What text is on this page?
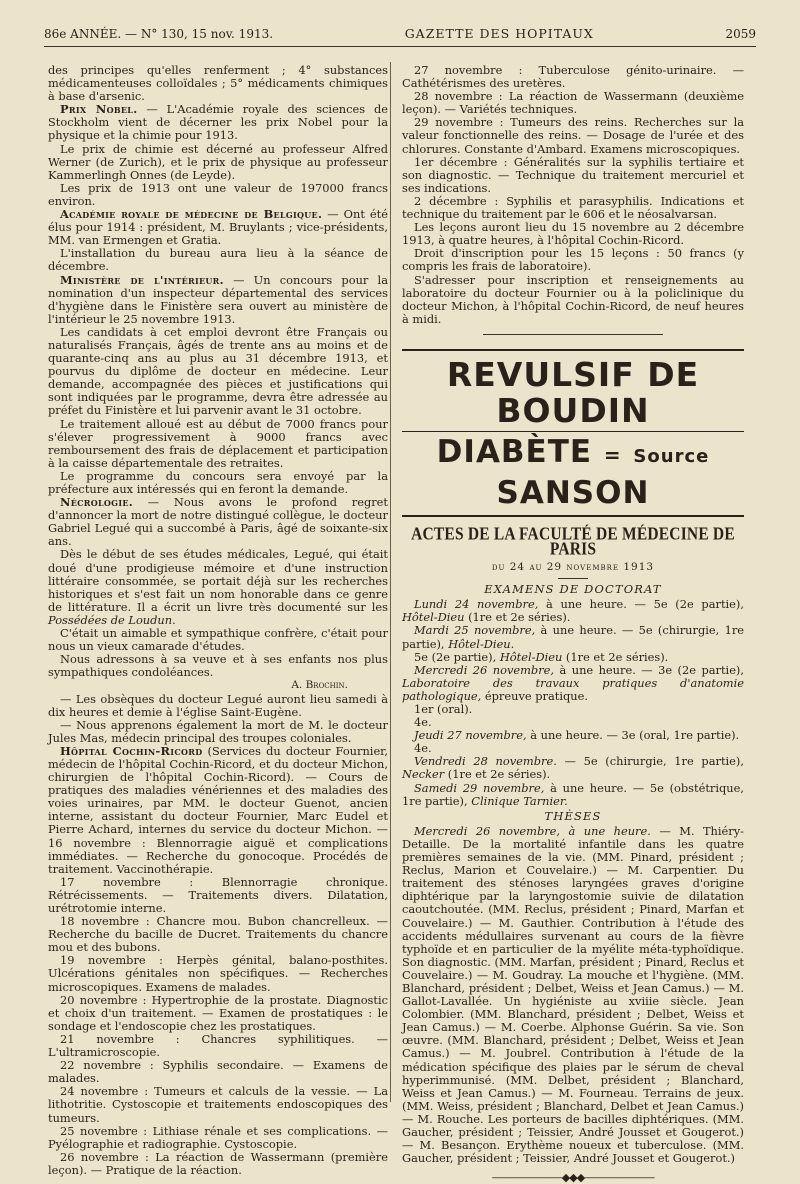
86e ANNÉE. — N° 130, 15 nov. 1913.	GAZETTE DES HOPITAUX	2059

des principes qu'elles renferment ; 4° substances médicamenteuses colloïdales ; 5° médicaments chimiques à base d'arsenic.

Prix Nobel. — L'Académie royale des sciences de Stockholm vient de décerner les prix Nobel pour la physique et la chimie pour 1913.

Le prix de chimie est décerné au professeur Alfred Werner (de Zurich), et le prix de physique au professeur Kammerlingh Onnes (de Leyde).

Les prix de 1913 ont une valeur de 197000 francs environ.

Académie royale de médecine de Belgique. — Ont été élus pour 1914 : président, M. Bruylants ; vice-présidents, MM. van Ermengen et Gratia.

L'installation du bureau aura lieu à la séance de décembre.

Ministère de l'intérieur. — Un concours pour la nomination d'un inspecteur départemental des services d'hygiène dans le Finistère sera ouvert au ministère de l'intérieur le 25 novembre 1913.

Les candidats à cet emploi devront être Français ou naturalisés Français, âgés de trente ans au moins et de quarante-cinq ans au plus au 31 décembre 1913, et pourvus du diplôme de docteur en médecine. Leur demande, accompagnée des pièces et justifications qui sont indiquées par le programme, devra être adressée au préfet du Finistère et lui parvenir avant le 31 octobre.

Le traitement alloué est au début de 7000 francs pour s'élever progressivement à 9000 francs avec remboursement des frais de déplacement et participation à la caisse départementale des retraites.

Le programme du concours sera envoyé par la préfecture aux intéressés qui en feront la demande.

Nécrologie. — Nous avons le profond regret d'annoncer la mort de notre distingué collègue, le docteur Gabriel Legué qui a succombé à Paris, âgé de soixante-six ans.

Dès le début de ses études médicales, Legué, qui était doué d'une prodigieuse mémoire et d'une instruction littéraire consommée, se portait déjà sur les recherches historiques et s'est fait un nom honorable dans ce genre de littérature. Il a écrit un livre très documenté sur les Possédées de Loudun.

C'était un aimable et sympathique confrère, c'était pour nous un vieux camarade d'études.

Nous adressons à sa veuve et à ses enfants nos plus sympathiques condoléances.

A. Brochin.

— Les obsèques du docteur Legué auront lieu samedi à dix heures et demie à l'église Saint-Eugène.

— Nous apprenons également la mort de M. le docteur Jules Mas, médecin principal des troupes coloniales.

Hôpital Cochin-Ricord (Services du docteur Fournier, médecin de l'hôpital Cochin-Ricord, et du docteur Michon, chirurgien de l'hôpital Cochin-Ricord). — Cours de pratiques des maladies vénériennes et des maladies des voies urinaires, par MM. le docteur Guenot, ancien interne, assistant du docteur Fournier, Marc Eudel et Pierre Achard, internes du service du docteur Michon. — 16 novembre : Blennorragie aiguë et complications immédiates. — Recherche du gonocoque. Procédés de traitement. Vaccinothérapie.

17 novembre : Blennorragie chronique. Rétrécissements. — Traitements divers. Dilatation, urétrotomie interne.

18 novembre : Chancre mou. Bubon chancrelleux. — Recherche du bacille de Ducret. Traitements du chancre mou et des bubons.

19 novembre : Herpès génital, balano-posthites. Ulcérations génitales non spécifiques. — Recherches microscopiques. Examens de malades.

20 novembre : Hypertrophie de la prostate. Diagnostic et choix d'un traitement. — Examen de prostatiques : le sondage et l'endoscopie chez les prostatiques.

21 novembre : Chancres syphilitiques. — L'ultramicroscopie.

22 novembre : Syphilis secondaire. — Examens de malades.

24 novembre : Tumeurs et calculs de la vessie. — La lithotritie. Cystoscopie et traitements endoscopiques des tumeurs.

25 novembre : Lithiase rénale et ses complications. — Pyélographie et radiographie. Cystoscopie.

26 novembre : La réaction de Wassermann (première leçon). — Pratique de la réaction.

27 novembre : Tuberculose génito-urinaire. — Cathétérismes des uretères.

28 novembre : La réaction de Wassermann (deuxième leçon). — Variétés techniques.

29 novembre : Tumeurs des reins. Recherches sur la valeur fonctionnelle des reins. — Dosage de l'urée et des chlorures. Constante d'Ambard. Examens microscopiques.

1er décembre : Généralités sur la syphilis tertiaire et son diagnostic. — Technique du traitement mercuriel et ses indications.

2 décembre : Syphilis et parasyphilis. Indications et technique du traitement par le 606 et le néosalvarsan.

Les leçons auront lieu du 15 novembre au 2 décembre 1913, à quatre heures, à l'hôpital Cochin-Ricord.

Droit d'inscription pour les 15 leçons : 50 francs (y compris les frais de laboratoire).

S'adresser pour inscription et renseignements au laboratoire du docteur Fournier ou à la policlinique du docteur Michon, à l'hôpital Cochin-Ricord, de neuf heures à midi.

REVULSIF DE BOUDIN
DIABÈTE = Source SANSON
ACTES DE LA FACULTÉ DE MÉDECINE DE PARIS
du 24 au 29 novembre 1913
EXAMENS DE DOCTORAT

Lundi 24 novembre, à une heure. — 5e (2e partie), Hôtel-Dieu (1re et 2e séries).

Mardi 25 novembre, à une heure. — 5e (chirurgie, 1re partie), Hôtel-Dieu.

5e (2e partie), Hôtel-Dieu (1re et 2e séries).

Mercredi 26 novembre, à une heure. — 3e (2e partie), Laboratoire des travaux pratiques d'anatomie pathologique, épreuve pratique.

1er (oral).

4e.

Jeudi 27 novembre, à une heure. — 3e (oral, 1re partie).

4e.

Vendredi 28 novembre. — 5e (chirurgie, 1re partie), Necker (1re et 2e séries).

Samedi 29 novembre, à une heure. — 5e (obstétrique, 1re partie), Clinique Tarnier.

THÈSES

Mercredi 26 novembre, à une heure. — M. Thiéry-Detaille. De la mortalité infantile dans les quatre premières semaines de la vie. (MM. Pinard, président ; Reclus, Marion et Couvelaire.) — M. Carpentier. Du traitement des sténoses laryngées graves d'origine diphtérique par la laryngostomie suivie de dilatation caoutchoutée. (MM. Reclus, président ; Pinard, Marfan et Couvelaire.) — M. Gauthier. Contribution à l'étude des accidents médullaires survenant au cours de la fièvre typhoïde et en particulier de la myélite méta-typhoïdique. Son diagnostic. (MM. Marfan, président ; Pinard, Reclus et Couvelaire.) — M. Goudray. La mouche et l'hygiène. (MM. Blanchard, président ; Delbet, Weiss et Jean Camus.) — M. Gallot-Lavallée. Un hygiéniste au xviiie siècle. Jean Colombier. (MM. Blanchard, président ; Delbet, Weiss et Jean Camus.) — M. Coerbe. Alphonse Guérin. Sa vie. Son œuvre. (MM. Blanchard, président ; Delbet, Weiss et Jean Camus.) — M. Joubrel. Contribution à l'étude de la médication spécifique des plaies par le sérum de cheval hyperimmunisé. (MM. Delbet, président ; Blanchard, Weiss et Jean Camus.) — M. Fourneau. Terrains de jeux. (MM. Weiss, président ; Blanchard, Delbet et Jean Camus.) — M. Rouche. Les porteurs de bacilles diphtériques. (MM. Gaucher, président ; Teissier, André Jousset et Gougerot.) — M. Besançon. Erythème noueux et tuberculose. (MM. Gaucher, président ; Teissier, André Jousset et Gougerot.)

———————◆◆◆———————
